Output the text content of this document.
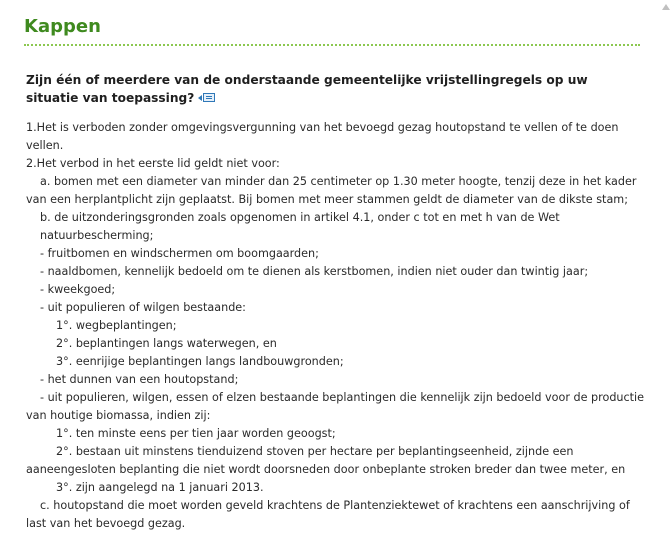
Kappen
Zijn één of meerdere van de onderstaande gemeentelijke vrijstellingregels op uw situatie van toepassing?

1.Het is verboden zonder omgevingsvergunning van het bevoegd gezag houtopstand te vellen of te doen vellen.

2.Het verbod in het eerste lid geldt niet voor:

a. bomen met een diameter van minder dan 25 centimeter op 1.30 meter hoogte, tenzij deze in het kader van een herplantplicht zijn geplaatst. Bij bomen met meer stammen geldt de diameter van de dikste stam;

b. de uitzonderingsgronden zoals opgenomen in artikel 4.1, onder c tot en met h van de Wet natuurbescherming;

- fruitbomen en windschermen om boomgaarden;

- naaldbomen, kennelijk bedoeld om te dienen als kerstbomen, indien niet ouder dan twintig jaar;

- kweekgoed;

- uit populieren of wilgen bestaande:

1°. wegbeplantingen;

2°. beplantingen langs waterwegen, en

3°. eenrijige beplantingen langs landbouwgronden;

- het dunnen van een houtopstand;

- uit populieren, wilgen, essen of elzen bestaande beplantingen die kennelijk zijn bedoeld voor de productie van houtige biomassa, indien zij:

1°. ten minste eens per tien jaar worden geoogst;

2°. bestaan uit minstens tienduizend stoven per hectare per beplantingseenheid, zijnde een aaneengesloten beplanting die niet wordt doorsneden door onbeplante stroken breder dan twee meter, en

3°. zijn aangelegd na 1 januari 2013.

c. houtopstand die moet worden geveld krachtens de Plantenziektewet of krachtens een aanschrijving of last van het bevoegd gezag.
